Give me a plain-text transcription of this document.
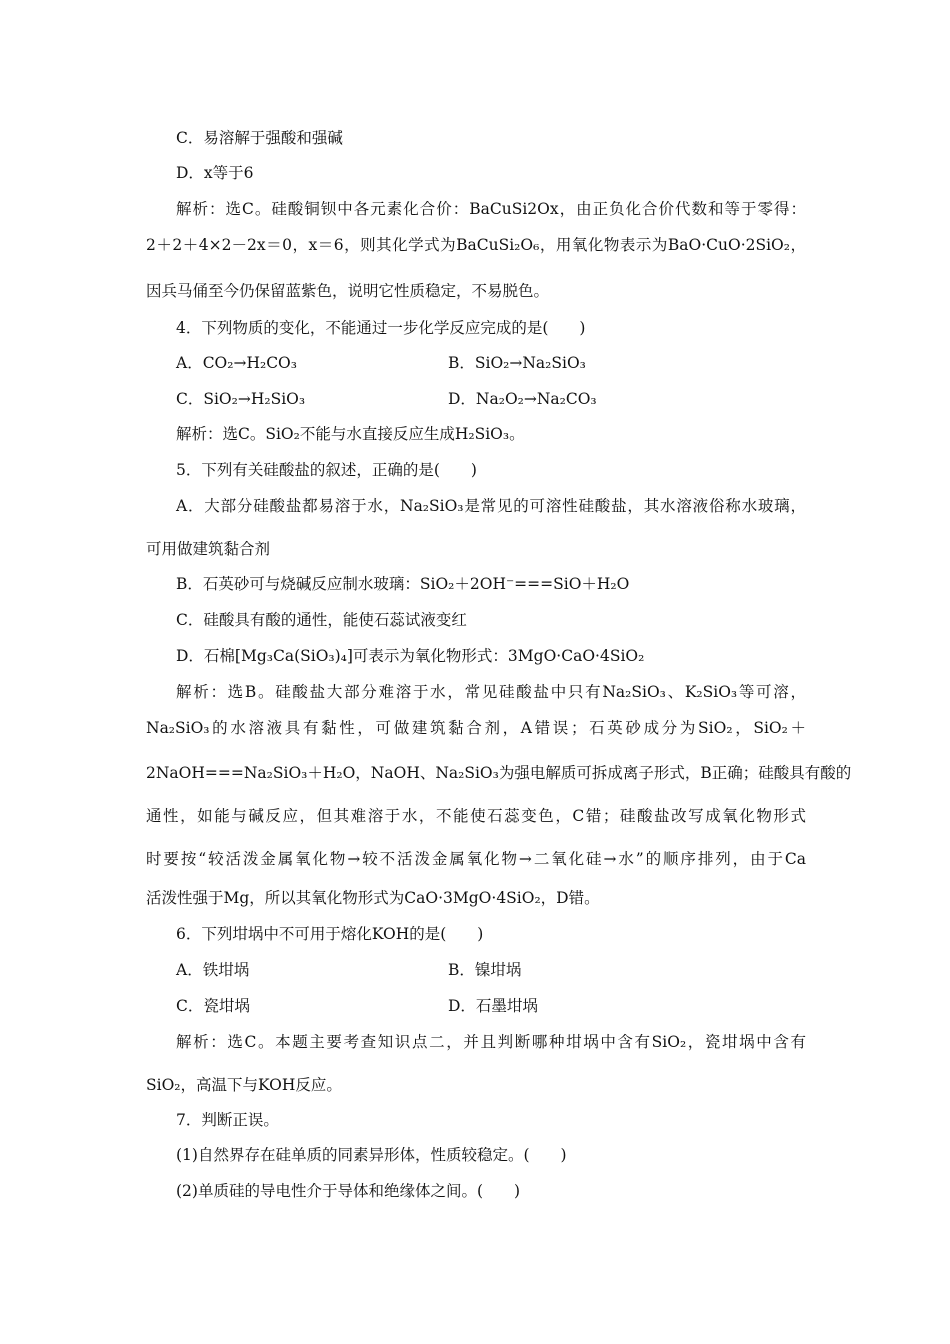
C．易溶解于强酸和强碱
D．x等于6
解析：选C。硅酸铜钡中各元素化合价：BaCuSi2Ox，由正负化合价代数和等于零得：
2＋2＋4×2－2x＝0，x＝6，则其化学式为BaCuSi₂O₆，用氧化物表示为BaO·CuO·2SiO₂，
因兵马俑至今仍保留蓝紫色，说明它性质稳定，不易脱色。
4．下列物质的变化，不能通过一步化学反应完成的是(　　)
A．CO₂→H₂CO₃	B．SiO₂→Na₂SiO₃
C．SiO₂→H₂SiO₃	D．Na₂O₂→Na₂CO₃
解析：选C。SiO₂不能与水直接反应生成H₂SiO₃。
5．下列有关硅酸盐的叙述，正确的是(　　)
A．大部分硅酸盐都易溶于水，Na₂SiO₃是常见的可溶性硅酸盐，其水溶液俗称水玻璃，
可用做建筑黏合剂
B．石英砂可与烧碱反应制水玻璃：SiO₂＋2OH⁻===SiO＋H₂O
C．硅酸具有酸的通性，能使石蕊试液变红
D．石棉[Mg₃Ca(SiO₃)₄]可表示为氧化物形式：3MgO·CaO·4SiO₂
解析：选B。硅酸盐大部分难溶于水，常见硅酸盐中只有Na₂SiO₃、K₂SiO₃等可溶，
Na₂SiO₃的水溶液具有黏性，可做建筑黏合剂，A错误；石英砂成分为SiO₂，SiO₂＋
2NaOH===Na₂SiO₃＋H₂O，NaOH、Na₂SiO₃为强电解质可拆成离子形式，B正确；硅酸具有酸的
通性，如能与碱反应，但其难溶于水，不能使石蕊变色，C错；硅酸盐改写成氧化物形式
时要按“较活泼金属氧化物→较不活泼金属氧化物→二氧化硅→水”的顺序排列，由于Ca
活泼性强于Mg，所以其氧化物形式为CaO·3MgO·4SiO₂，D错。
6．下列坩埚中不可用于熔化KOH的是(　　)
A．铁坩埚	B．镍坩埚
C．瓷坩埚	D．石墨坩埚
解析：选C。本题主要考查知识点二，并且判断哪种坩埚中含有SiO₂，瓷坩埚中含有
SiO₂，高温下与KOH反应。
7．判断正误。
(1)自然界存在硅单质的同素异形体，性质较稳定。(　　)
(2)单质硅的导电性介于导体和绝缘体之间。(　　)
